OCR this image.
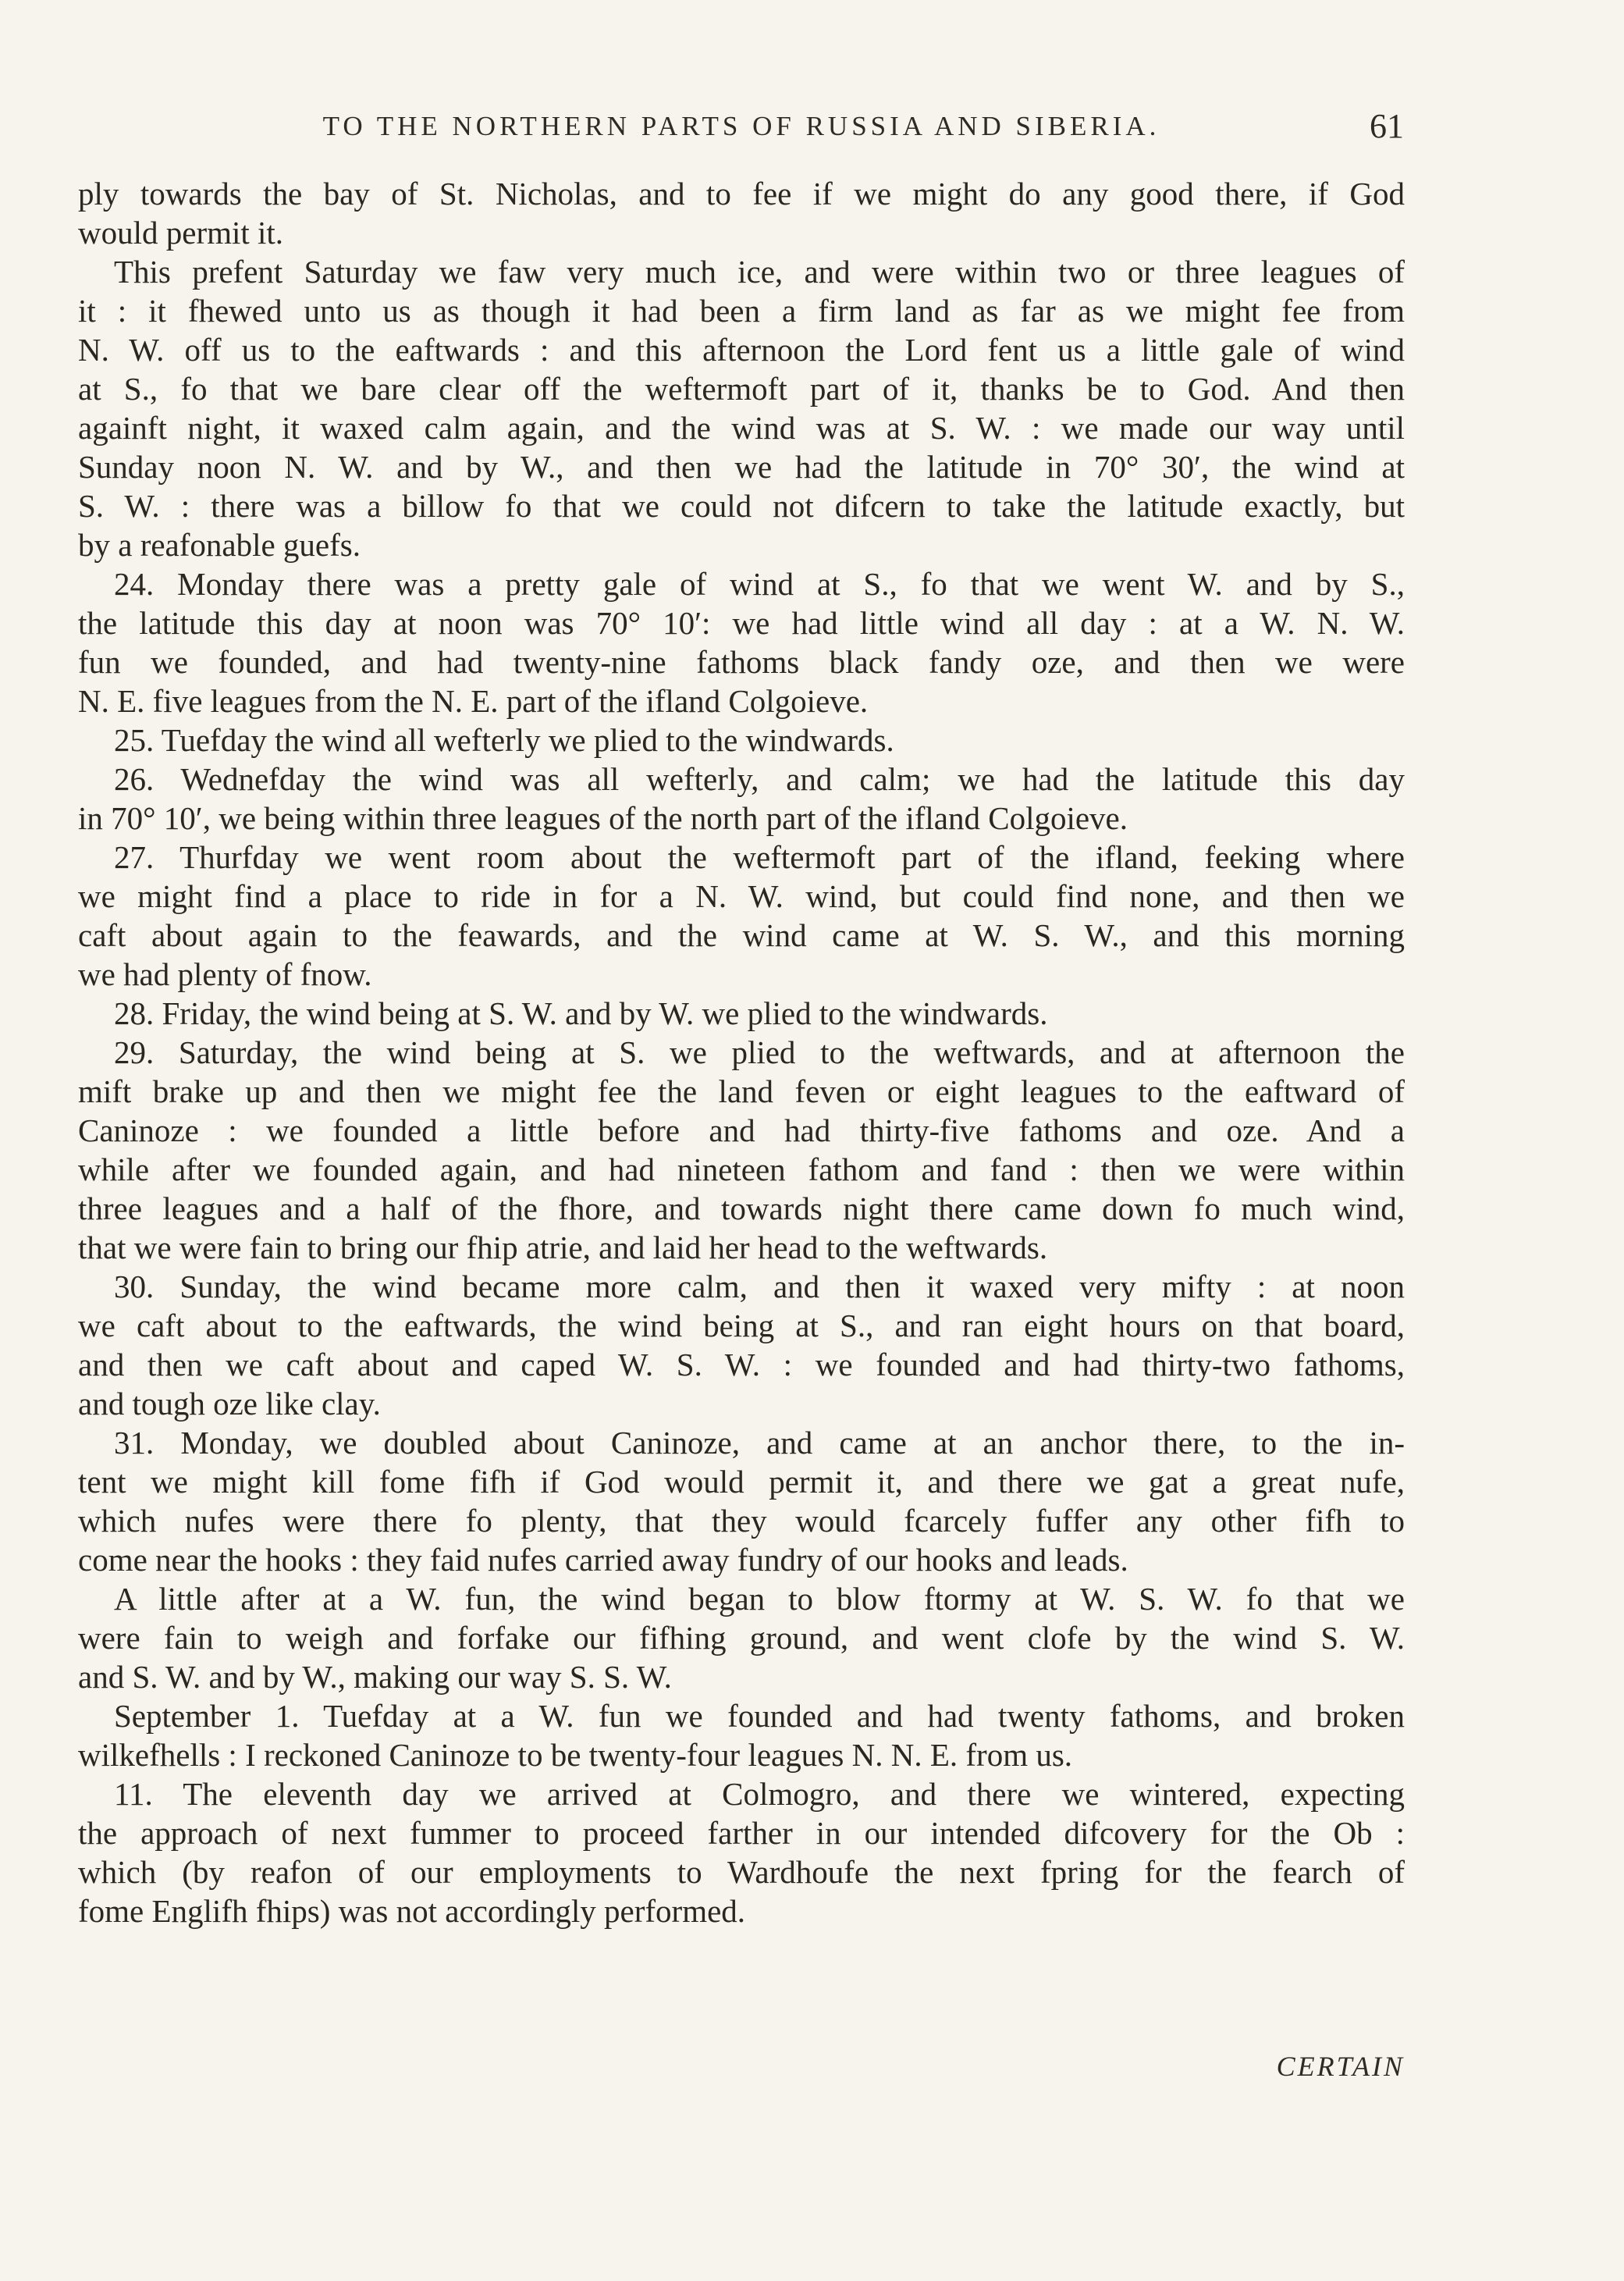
TO THE NORTHERN PARTS OF RUSSIA AND SIBERIA.	61
ply towards the bay of St. Nicholas, and to fee if we might do any good there, if God
would permit it.
This prefent Saturday we faw very much ice, and were within two or three leagues of
it : it fhewed unto us as though it had been a firm land as far as we might fee from
N. W. off us to the eaftwards : and this afternoon the Lord fent us a little gale of wind
at S., fo that we bare clear off the weftermoft part of it, thanks be to God. And then
againft night, it waxed calm again, and the wind was at S. W. : we made our way until
Sunday noon N. W. and by W., and then we had the latitude in 70° 30′, the wind at
S. W. : there was a billow fo that we could not difcern to take the latitude exactly, but
by a reafonable guefs.
24. Monday there was a pretty gale of wind at S., fo that we went W. and by S.,
the latitude this day at noon was 70° 10′: we had little wind all day : at a W. N. W.
fun we founded, and had twenty-nine fathoms black fandy oze, and then we were
N. E. five leagues from the N. E. part of the ifland Colgoieve.
25. Tuefday the wind all wefterly we plied to the windwards.
26. Wednefday the wind was all wefterly, and calm; we had the latitude this day
in 70° 10′, we being within three leagues of the north part of the ifland Colgoieve.
27. Thurfday we went room about the weftermoft part of the ifland, feeking where
we might find a place to ride in for a N. W. wind, but could find none, and then we
caft about again to the feawards, and the wind came at W. S. W., and this morning
we had plenty of fnow.
28. Friday, the wind being at S. W. and by W. we plied to the windwards.
29. Saturday, the wind being at S. we plied to the weftwards, and at afternoon the
mift brake up and then we might fee the land feven or eight leagues to the eaftward of
Caninoze : we founded a little before and had thirty-five fathoms and oze. And a
while after we founded again, and had nineteen fathom and fand : then we were within
three leagues and a half of the fhore, and towards night there came down fo much wind,
that we were fain to bring our fhip atrie, and laid her head to the weftwards.
30. Sunday, the wind became more calm, and then it waxed very mifty : at noon
we caft about to the eaftwards, the wind being at S., and ran eight hours on that board,
and then we caft about and caped W. S. W. : we founded and had thirty-two fathoms,
and tough oze like clay.
31. Monday, we doubled about Caninoze, and came at an anchor there, to the in-
tent we might kill fome fifh if God would permit it, and there we gat a great nufe,
which nufes were there fo plenty, that they would fcarcely fuffer any other fifh to
come near the hooks : they faid nufes carried away fundry of our hooks and leads.
A little after at a W. fun, the wind began to blow ftormy at W. S. W. fo that we
were fain to weigh and forfake our fifhing ground, and went clofe by the wind S. W.
and S. W. and by W., making our way S. S. W.
September 1. Tuefday at a W. fun we founded and had twenty fathoms, and broken
wilkefhells : I reckoned Caninoze to be twenty-four leagues N. N. E. from us.
11. The eleventh day we arrived at Colmogro, and there we wintered, expecting
the approach of next fummer to proceed farther in our intended difcovery for the Ob :
which (by reafon of our employments to Wardhoufe the next fpring for the fearch of
fome Englifh fhips) was not accordingly performed.
CERTAIN
